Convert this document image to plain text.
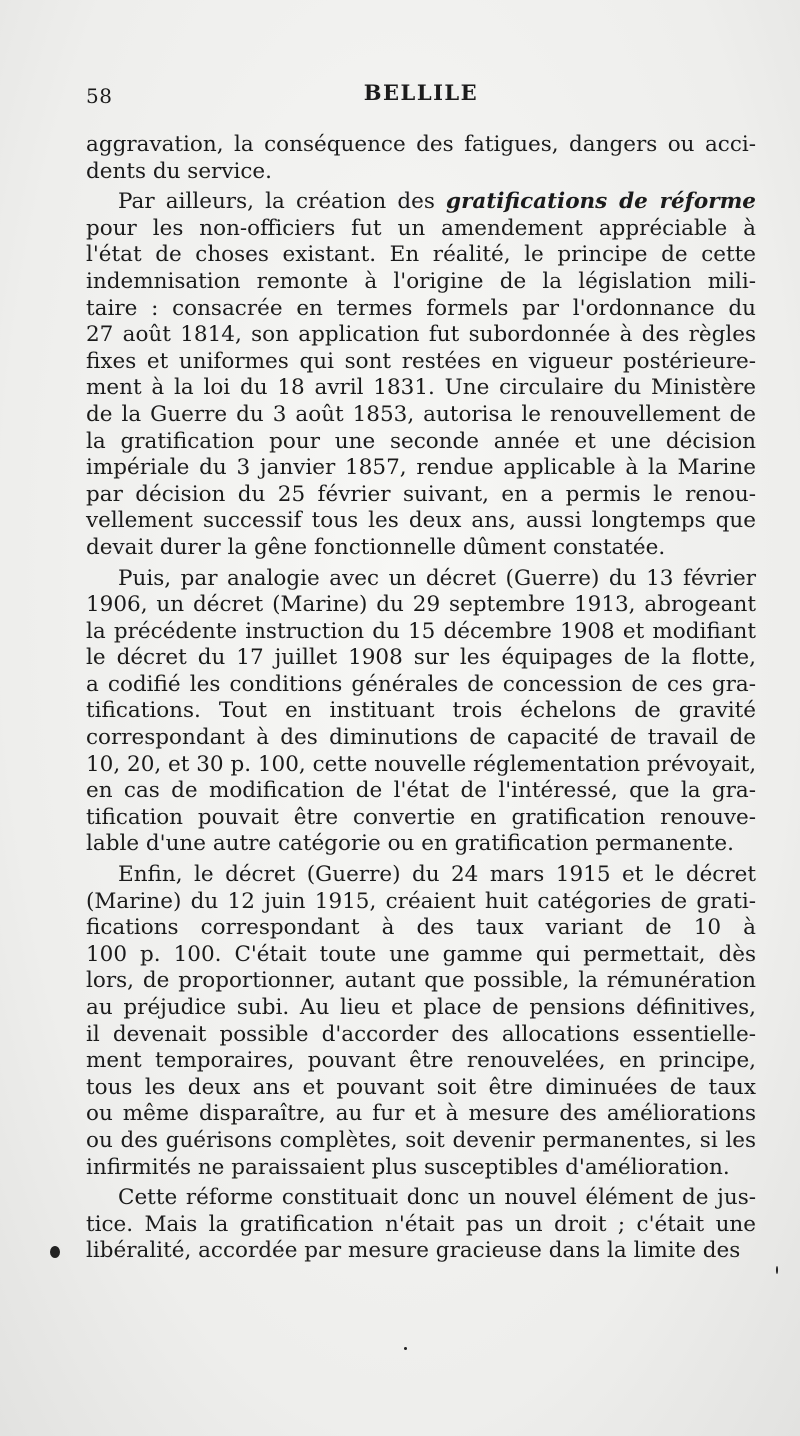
58	BELLILE
aggravation, la conséquence des fatigues, dangers ou acci-
dents du service.
Par ailleurs, la création des gratifications de réforme
pour les non-officiers fut un amendement appréciable à
l'état de choses existant. En réalité, le principe de cette
indemnisation remonte à l'origine de la législation mili-
taire : consacrée en termes formels par l'ordonnance du
27 août 1814, son application fut subordonnée à des règles
fixes et uniformes qui sont restées en vigueur postérieure-
ment à la loi du 18 avril 1831. Une circulaire du Ministère
de la Guerre du 3 août 1853, autorisa le renouvellement de
la gratification pour une seconde année et une décision
impériale du 3 janvier 1857, rendue applicable à la Marine
par décision du 25 février suivant, en a permis le renou-
vellement successif tous les deux ans, aussi longtemps que
devait durer la gêne fonctionnelle dûment constatée.
Puis, par analogie avec un décret (Guerre) du 13 février
1906, un décret (Marine) du 29 septembre 1913, abrogeant
la précédente instruction du 15 décembre 1908 et modifiant
le décret du 17 juillet 1908 sur les équipages de la flotte,
a codifié les conditions générales de concession de ces gra-
tifications. Tout en instituant trois échelons de gravité
correspondant à des diminutions de capacité de travail de
10, 20, et 30 p. 100, cette nouvelle réglementation prévoyait,
en cas de modification de l'état de l'intéressé, que la gra-
tification pouvait être convertie en gratification renouve-
lable d'une autre catégorie ou en gratification permanente.
Enfin, le décret (Guerre) du 24 mars 1915 et le décret
(Marine) du 12 juin 1915, créaient huit catégories de grati-
fications correspondant à des taux variant de 10 à
100 p. 100. C'était toute une gamme qui permettait, dès
lors, de proportionner, autant que possible, la rémunération
au préjudice subi. Au lieu et place de pensions définitives,
il devenait possible d'accorder des allocations essentielle-
ment temporaires, pouvant être renouvelées, en principe,
tous les deux ans et pouvant soit être diminuées de taux
ou même disparaître, au fur et à mesure des améliorations
ou des guérisons complètes, soit devenir permanentes, si les
infirmités ne paraissaient plus susceptibles d'amélioration.
Cette réforme constituait donc un nouvel élément de jus-
tice. Mais la gratification n'était pas un droit ; c'était une
libéralité, accordée par mesure gracieuse dans la limite des
